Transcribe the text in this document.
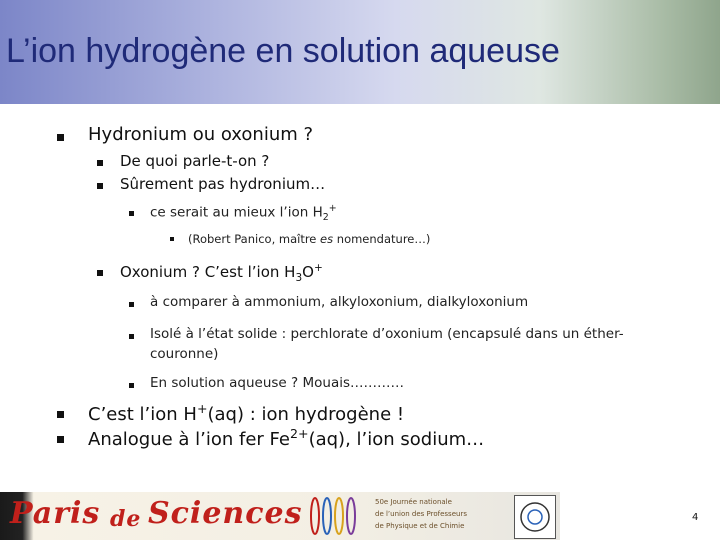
L’ion hydrogène en solution aqueuse
Hydronium ou oxonium ?
De quoi parle-t-on ?
Sûrement pas hydronium…
ce serait au mieux l’ion $H_2^+$
(Robert Panico, maître es nomendature…)
Oxonium ? C’est l’ion $H_3O^+$
à comparer à ammonium, alkyloxonium, dialkyloxonium
Isolé à l’état solide : perchlorate d’oxonium (encapsulé dans un éther-
couronne)
En solution aqueuse ? Mouais…………
C’est l’ion H+(aq) : ion hydrogène !
Analogue à l’ion fer $Fe^{2+}(aq)$, l’ion sodium…
Paris de Sciences	50e Journée nationale
de l’union des Professeurs
de Physique et de Chimie
4
